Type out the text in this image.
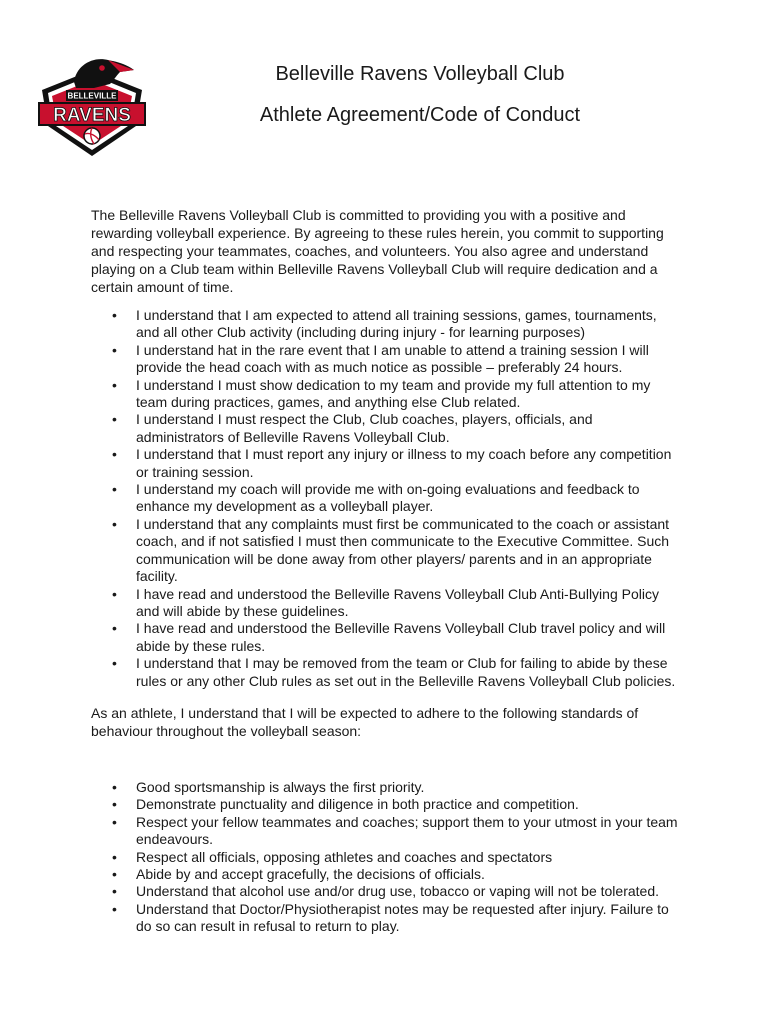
BELLEVILLE
RAVENS
Belleville Ravens Volleyball Club
Athlete Agreement/Code of Conduct

The Belleville Ravens Volleyball Club is committed to providing you with a positive and rewarding volleyball experience. By agreeing to these rules herein, you commit to supporting and respecting your teammates, coaches, and volunteers. You also agree and understand playing on a Club team within Belleville Ravens Volleyball Club will require dedication and a certain amount of time.

• I understand that I am expected to attend all training sessions, games, tournaments, and all other Club activity (including during injury - for learning purposes)
• I understand hat in the rare event that I am unable to attend a training session I will provide the head coach with as much notice as possible – preferably 24 hours.
• I understand I must show dedication to my team and provide my full attention to my team during practices, games, and anything else Club related.
• I understand I must respect the Club, Club coaches, players, officials, and administrators of Belleville Ravens Volleyball Club.
• I understand that I must report any injury or illness to my coach before any competition or training session.
• I understand my coach will provide me with on-going evaluations and feedback to enhance my development as a volleyball player.
• I understand that any complaints must first be communicated to the coach or assistant coach, and if not satisfied I must then communicate to the Executive Committee. Such communication will be done away from other players/ parents and in an appropriate facility.
• I have read and understood the Belleville Ravens Volleyball Club Anti-Bullying Policy and will abide by these guidelines.
• I have read and understood the Belleville Ravens Volleyball Club travel policy and will abide by these rules.
• I understand that I may be removed from the team or Club for failing to abide by these rules or any other Club rules as set out in the Belleville Ravens Volleyball Club policies.

As an athlete, I understand that I will be expected to adhere to the following standards of behaviour throughout the volleyball season:

• Good sportsmanship is always the first priority.
• Demonstrate punctuality and diligence in both practice and competition.
• Respect your fellow teammates and coaches; support them to your utmost in your team endeavours.
• Respect all officials, opposing athletes and coaches and spectators
• Abide by and accept gracefully, the decisions of officials.
• Understand that alcohol use and/or drug use, tobacco or vaping will not be tolerated.
• Understand that Doctor/Physiotherapist notes may be requested after injury. Failure to do so can result in refusal to return to play.
